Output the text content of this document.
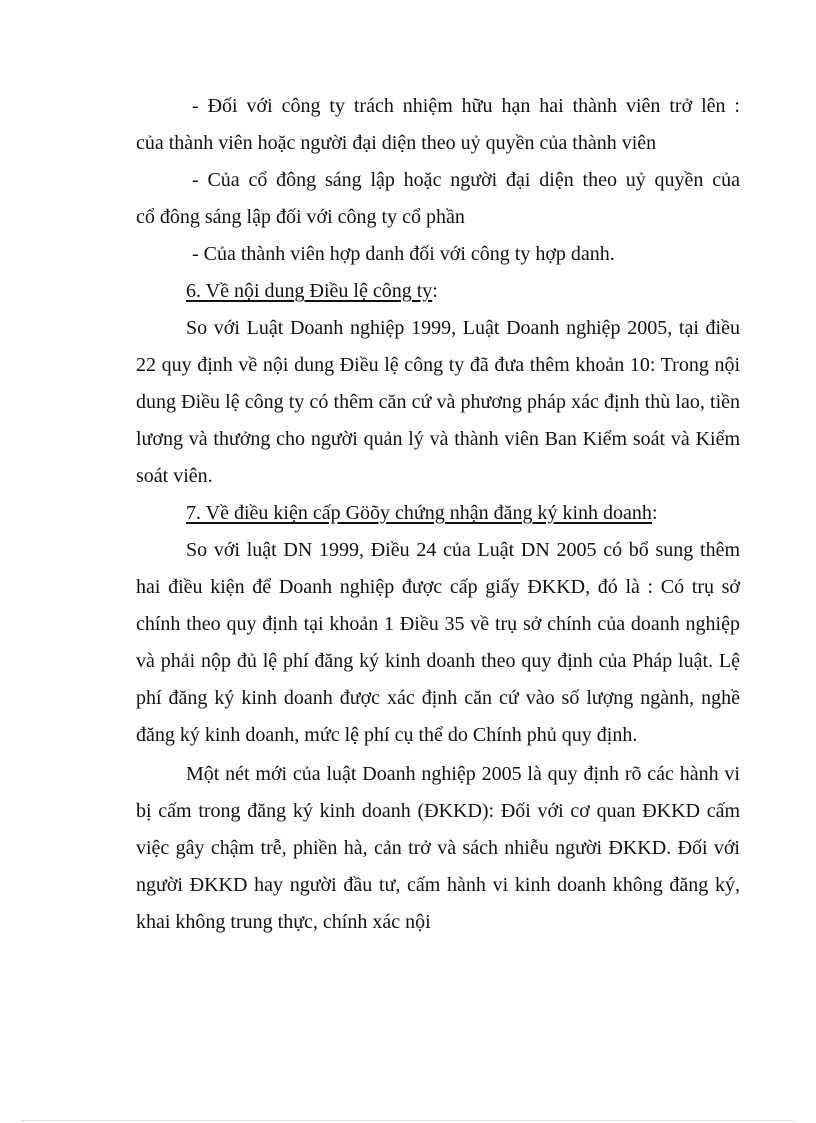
- Đối với công ty trách nhiệm hữu hạn hai thành viên trở lên :

của thành viên hoặc người đại diện theo uỷ quyền của thành viên

- Của cổ đông sáng lập hoặc người đại diện theo uỷ quyền của

cổ đông sáng lập đối với công ty cổ phần

- Của thành viên hợp danh đối với công ty hợp danh.

6. Về nội dung Điều lệ công ty:

So với Luật Doanh nghiệp 1999, Luật Doanh nghiệp 2005, tại điều 22 quy định về nội dung Điều lệ công ty đã đưa thêm khoản 10: Trong nội dung Điều lệ công ty có thêm căn cứ và phương pháp xác định thù lao, tiền lương và thưởng cho người quản lý và thành viên Ban Kiểm soát và Kiểm soát viên.

7. Về điều kiện cấp Göõy chứng nhận đăng ký kinh doanh:

So với luật DN 1999, Điều 24 của Luật DN 2005 có bổ sung thêm hai điều kiện để Doanh nghiệp được cấp giấy ĐKKD, đó là : Có trụ sở chính theo quy định tại khoản 1 Điều 35 về trụ sở chính của doanh nghiệp và phải nộp đủ lệ phí đăng ký kinh doanh theo quy định của Pháp luật. Lệ phí đăng ký kinh doanh được xác định căn cứ vào số lượng ngành, nghề đăng ký kinh doanh, mức lệ phí cụ thể do Chính phủ quy định.

Một nét mới của luật Doanh nghiệp 2005 là quy định rõ các hành vi bị cấm trong đăng ký kinh doanh (ĐKKD): Đối với cơ quan ĐKKD cấm việc gây chậm trễ, phiền hà, cản trở và sách nhiễu người ĐKKD. Đối với người ĐKKD hay người đầu tư, cấm hành vi kinh doanh không đăng ký, khai không trung thực, chính xác nội
